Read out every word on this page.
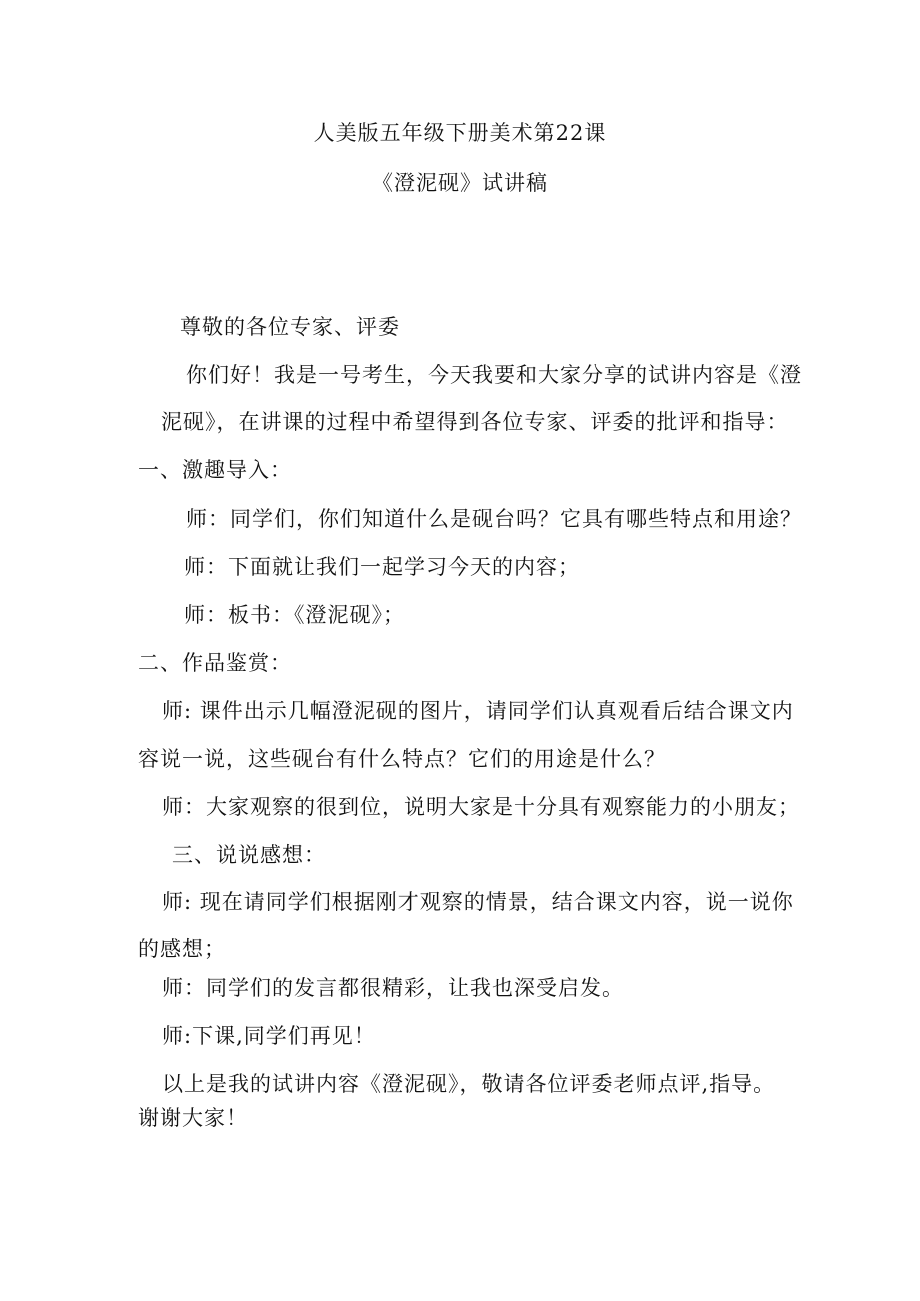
人美版五年级下册美术第22课
《澄泥砚》试讲稿
尊敬的各位专家、评委
你们好！我是一号考生，今天我要和大家分享的试讲内容是《澄
泥砚》，在讲课的过程中希望得到各位专家、评委的批评和指导：
一、激趣导入：
师：同学们，你们知道什么是砚台吗？它具有哪些特点和用途？
师：下面就让我们一起学习今天的内容；
师：板书：《澄泥砚》；
二、作品鉴赏：
师: 课件出示几幅澄泥砚的图片，请同学们认真观看后结合课文内
容说一说，这些砚台有什么特点？它们的用途是什么？
师：大家观察的很到位，说明大家是十分具有观察能力的小朋友；
三、说说感想：
师: 现在请同学们根据刚才观察的情景，结合课文内容，说一说你
的感想；
师：同学们的发言都很精彩，让我也深受启发。
师:下课,同学们再见！
以上是我的试讲内容《澄泥砚》，敬请各位评委老师点评,指导。
谢谢大家！
